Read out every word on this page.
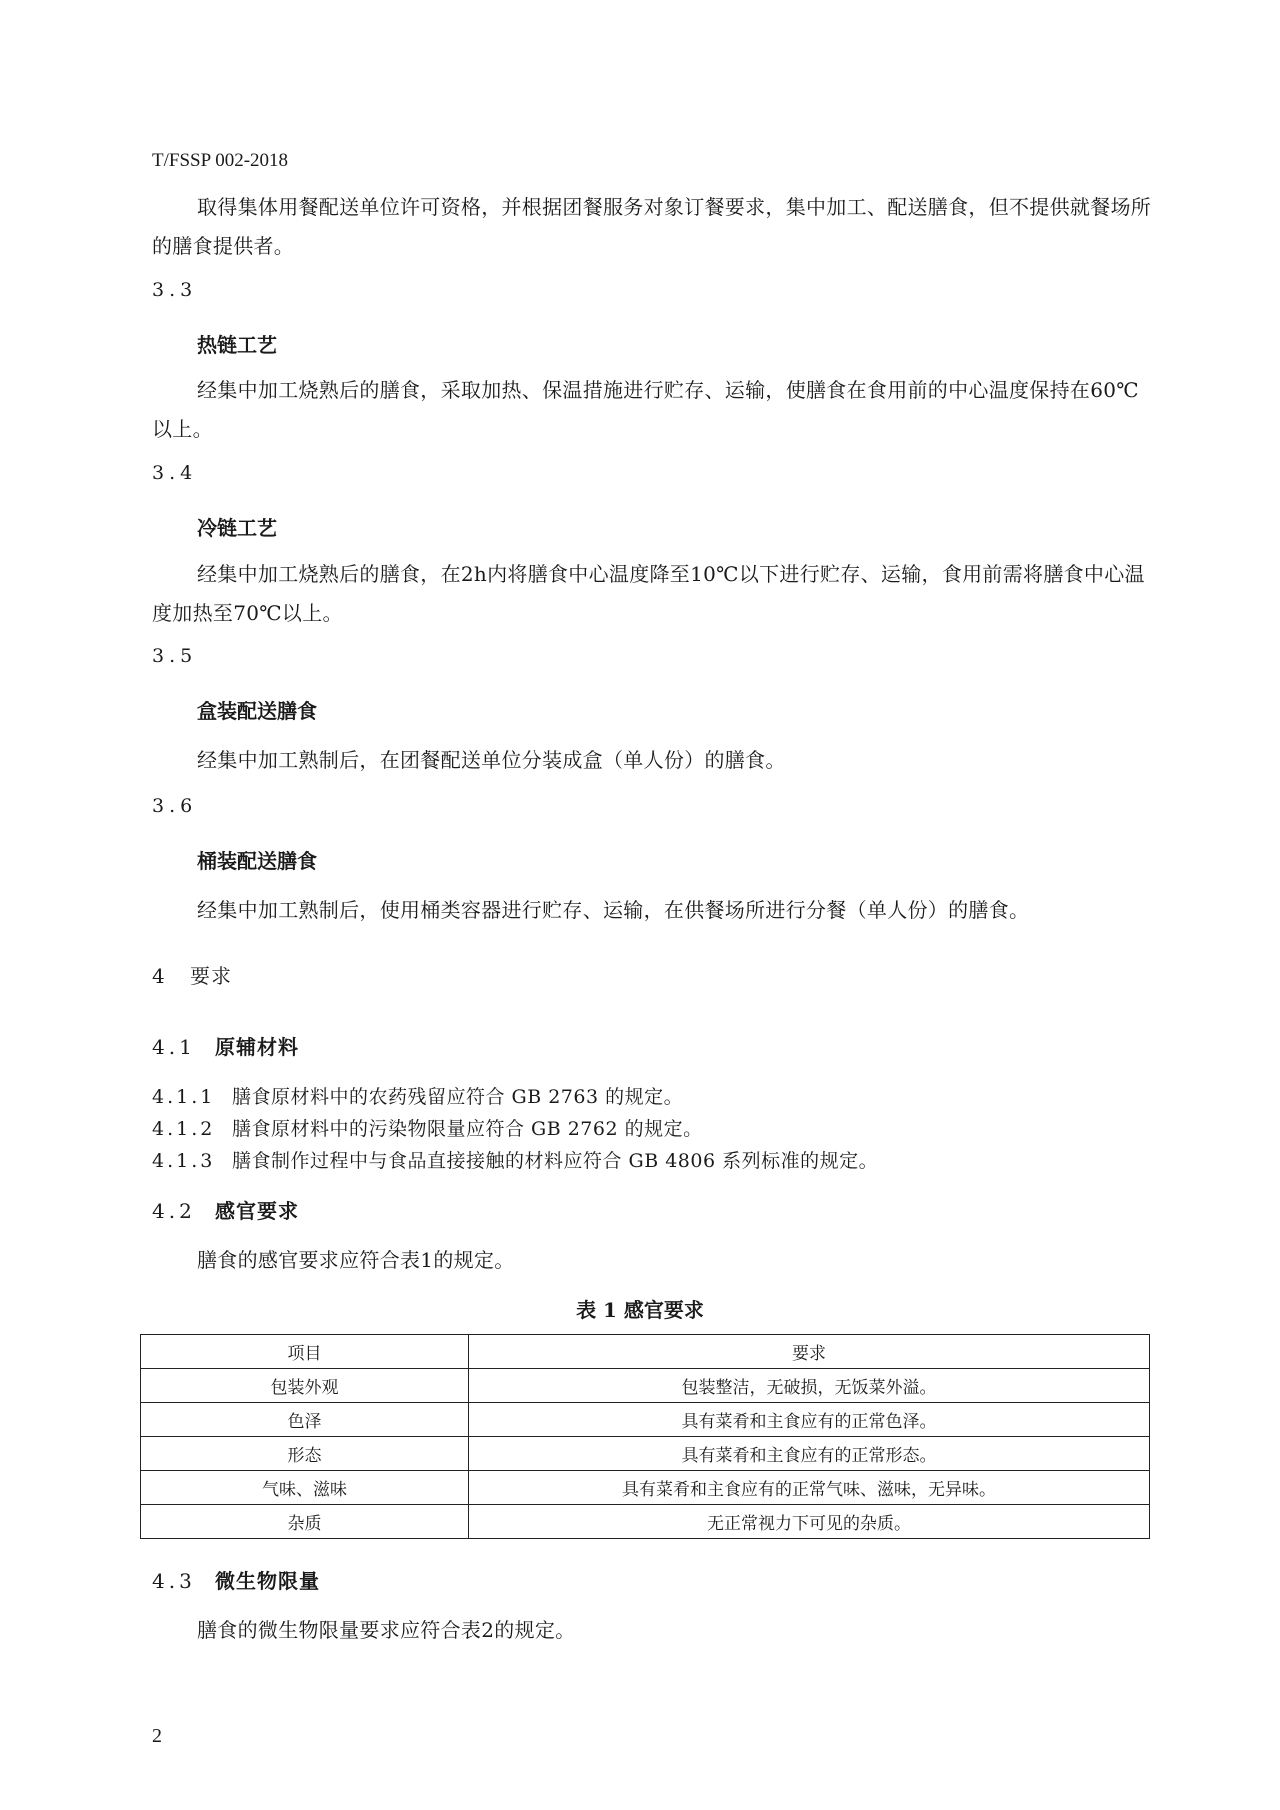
T/FSSP 002-2018
取得集体用餐配送单位许可资格，并根据团餐服务对象订餐要求，集中加工、配送膳食，但不提供就餐场所的膳食提供者。
3.3
热链工艺
经集中加工烧熟后的膳食，采取加热、保温措施进行贮存、运输，使膳食在食用前的中心温度保持在60℃以上。
3.4
冷链工艺
经集中加工烧熟后的膳食，在2h内将膳食中心温度降至10℃以下进行贮存、运输，食用前需将膳食中心温度加热至70℃以上。
3.5
盒装配送膳食
经集中加工熟制后，在团餐配送单位分装成盒（单人份）的膳食。
3.6
桶装配送膳食
经集中加工熟制后，使用桶类容器进行贮存、运输，在供餐场所进行分餐（单人份）的膳食。
4 要求
4.1 原辅材料
4.1.1 膳食原材料中的农药残留应符合 GB 2763 的规定。
4.1.2 膳食原材料中的污染物限量应符合 GB 2762 的规定。
4.1.3 膳食制作过程中与食品直接接触的材料应符合 GB 4806 系列标准的规定。
4.2 感官要求
膳食的感官要求应符合表1的规定。
表 1 感官要求
项目	要求
包装外观	包装整洁，无破损，无饭菜外溢。
色泽	具有菜肴和主食应有的正常色泽。
形态	具有菜肴和主食应有的正常形态。
气味、滋味	具有菜肴和主食应有的正常气味、滋味，无异味。
杂质	无正常视力下可见的杂质。
4.3 微生物限量
膳食的微生物限量要求应符合表2的规定。
2
